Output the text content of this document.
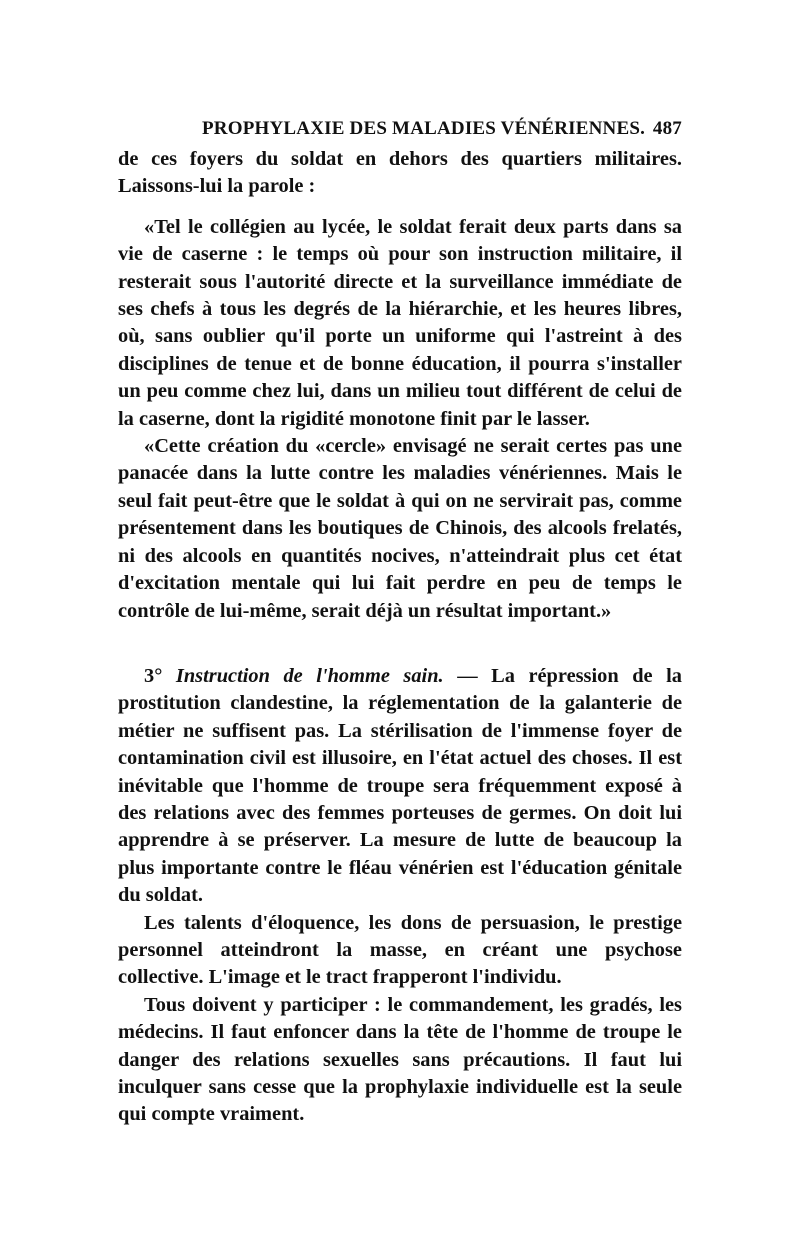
PROPHYLAXIE DES MALADIES VÉNÉRIENNES. 487

de ces foyers du soldat en dehors des quartiers militaires. Laissons-lui la parole :

«Tel le collégien au lycée, le soldat ferait deux parts dans sa vie de caserne : le temps où pour son instruction militaire, il resterait sous l'autorité directe et la surveillance immédiate de ses chefs à tous les degrés de la hiérarchie, et les heures libres, où, sans oublier qu'il porte un uniforme qui l'astreint à des disciplines de tenue et de bonne éducation, il pourra s'installer un peu comme chez lui, dans un milieu tout différent de celui de la caserne, dont la rigidité monotone finit par le lasser.

«Cette création du «cercle» envisagé ne serait certes pas une panacée dans la lutte contre les maladies vénériennes. Mais le seul fait peut-être que le soldat à qui on ne servirait pas, comme présentement dans les boutiques de Chinois, des alcools frelatés, ni des alcools en quantités nocives, n'atteindrait plus cet état d'excitation mentale qui lui fait perdre en peu de temps le contrôle de lui-même, serait déjà un résultat important.»

3° Instruction de l'homme sain. — La répression de la prostitution clandestine, la réglementation de la galanterie de métier ne suffisent pas. La stérilisation de l'immense foyer de contamination civil est illusoire, en l'état actuel des choses. Il est inévitable que l'homme de troupe sera fréquemment exposé à des relations avec des femmes porteuses de germes. On doit lui apprendre à se préserver. La mesure de lutte de beaucoup la plus importante contre le fléau vénérien est l'éducation génitale du soldat.

Les talents d'éloquence, les dons de persuasion, le prestige personnel atteindront la masse, en créant une psychose collective. L'image et le tract frapperont l'individu.

Tous doivent y participer : le commandement, les gradés, les médecins. Il faut enfoncer dans la tête de l'homme de troupe le danger des relations sexuelles sans précautions. Il faut lui inculquer sans cesse que la prophylaxie individuelle est la seule qui compte vraiment.
